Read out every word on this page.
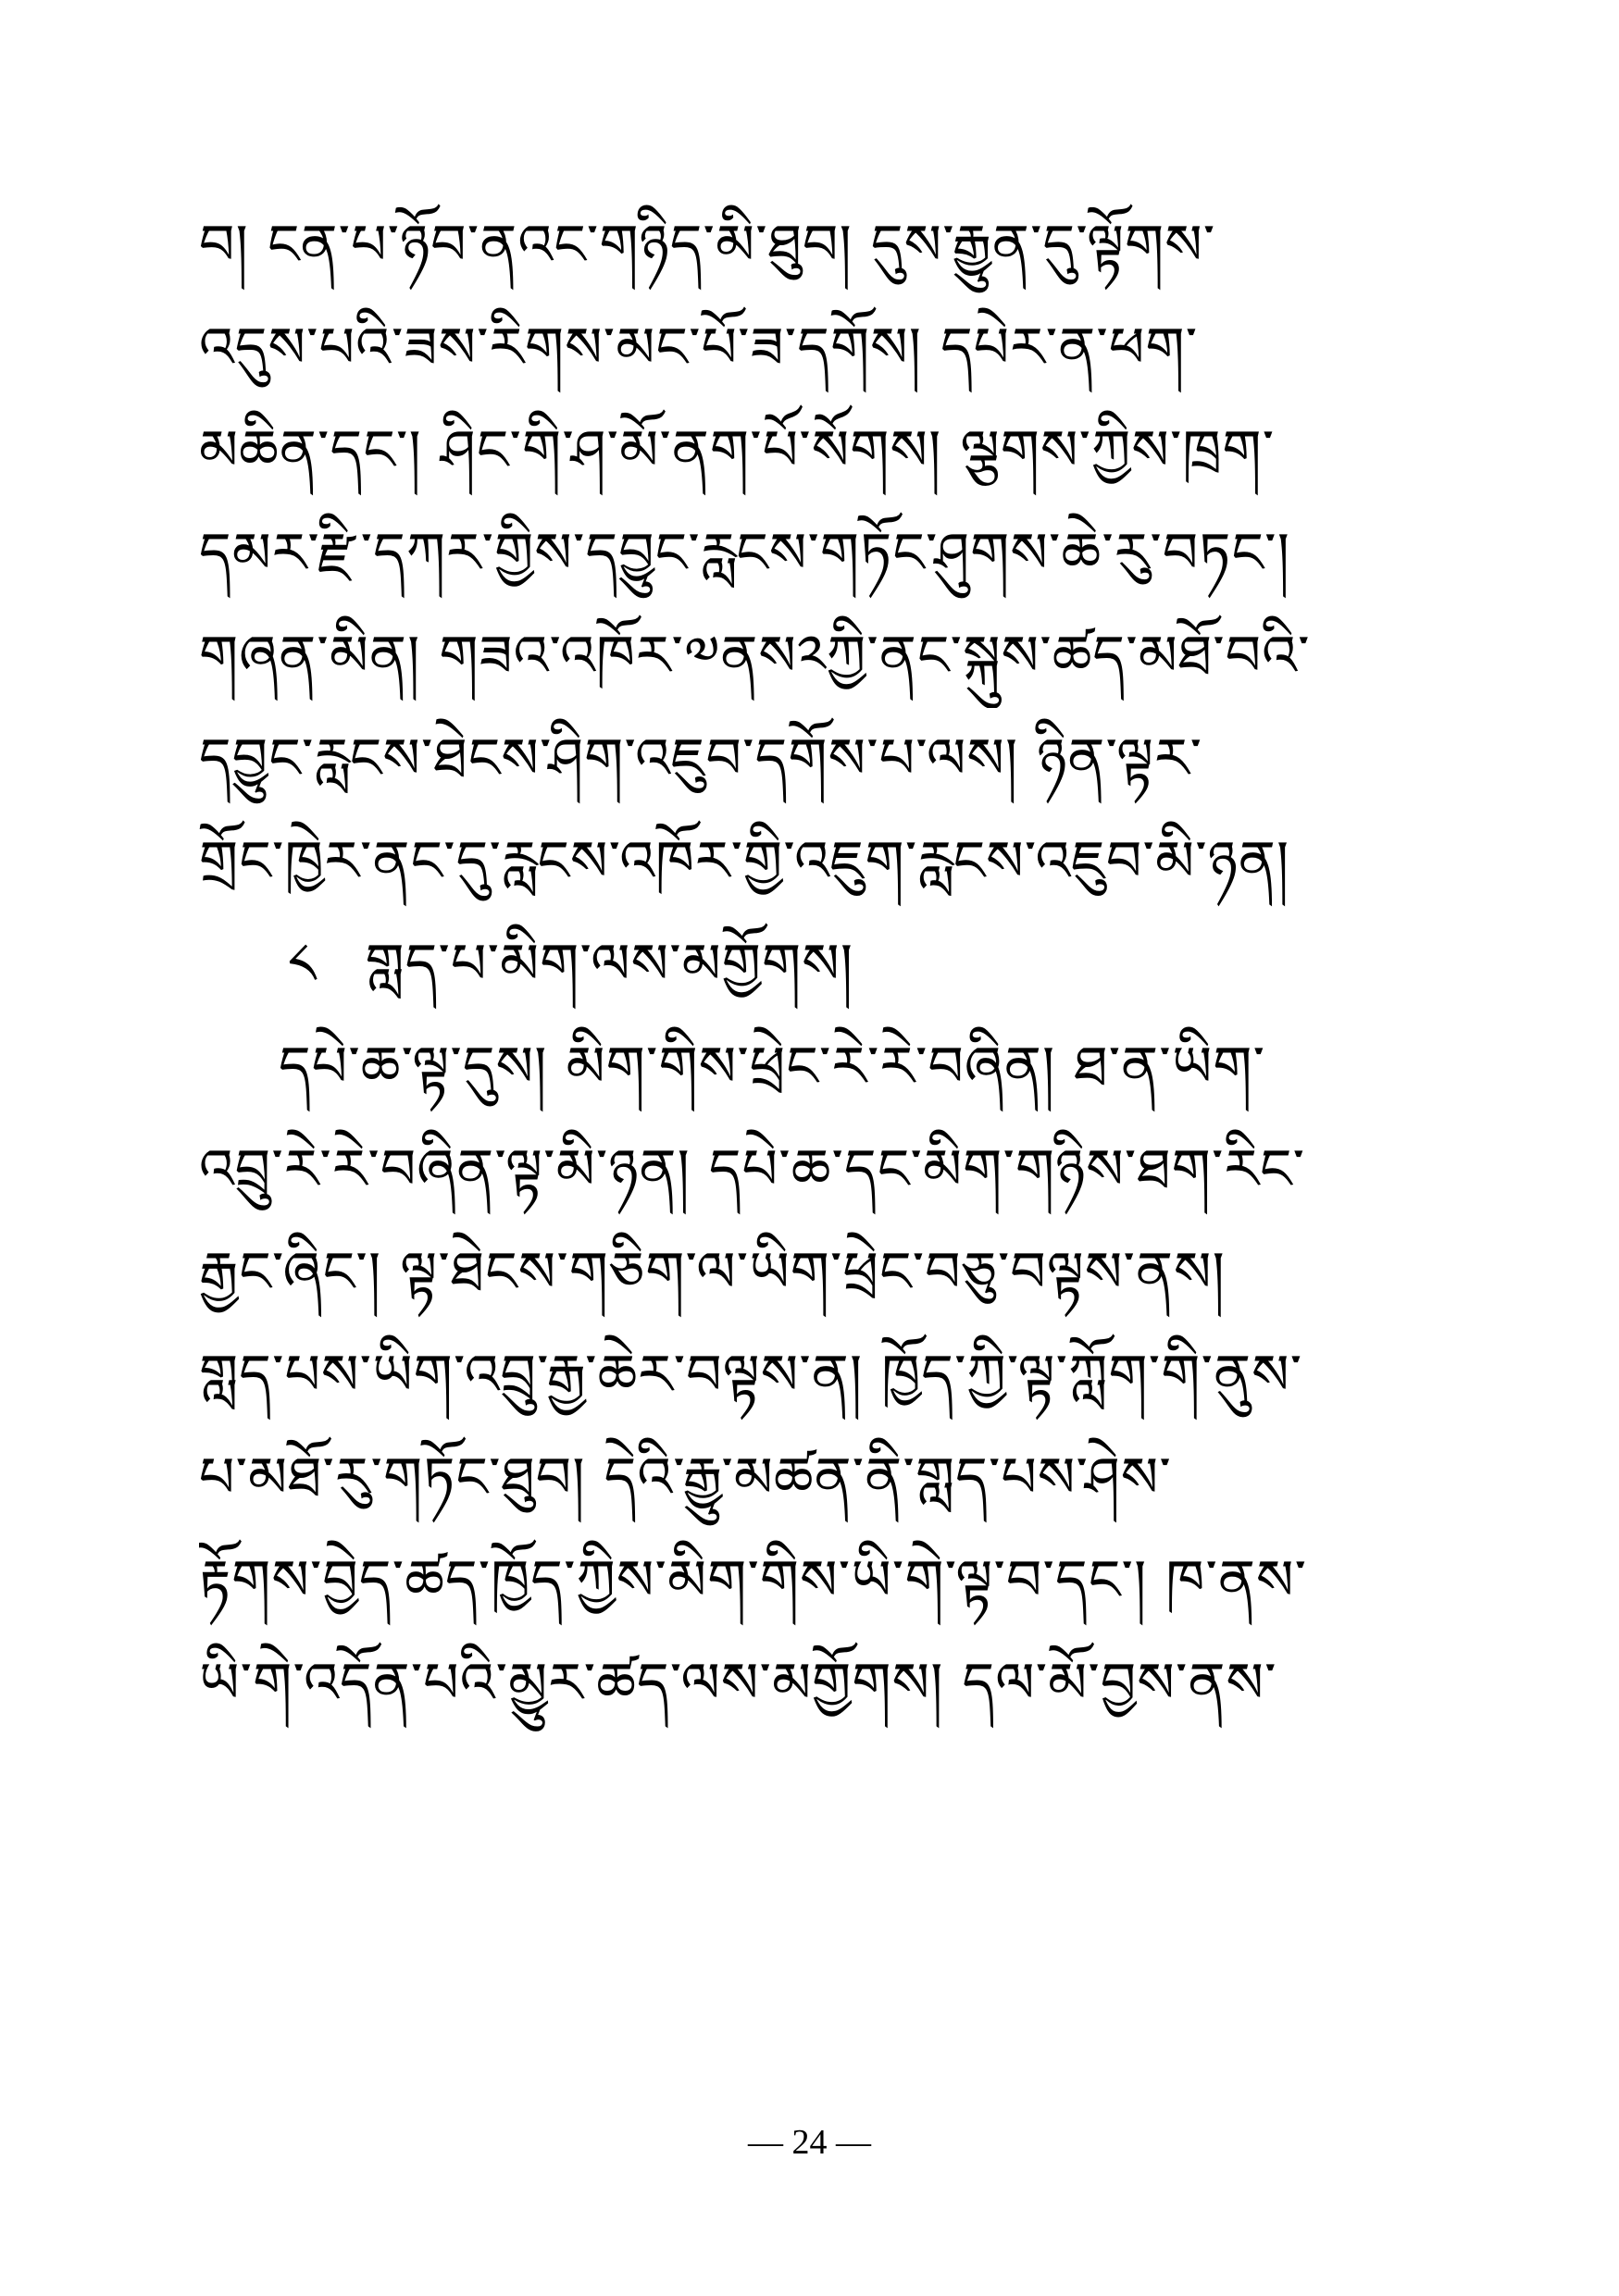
བ། ངན་པ་ཉོབ་ནའང་གཉིད་མི་ཐུབ། དུས་རྒྱུན་དུ་ལྟོགས་
འདུས་པའི་ཟས་རིགས་མང་པོ་ཟ་དགོས། དཔེར་ན་ཕག་
མཆིན་དང་། ཤིང་གི་ཤ་མོ་ནག་པོ་སོགས། ལྕགས་ཀྱིས་ཁྲག་
དམར་རྫི་དཀར་གྱིས་དབྱུང་རླངས་གཏོང་ཤུགས་ཆེ་རུ་བཏང་།
གཞན་མིན། གཟའ་འཁོར་༧ནས༢ཀྱི་ནང་སྐུས་ཚད་མཐོ་བའི་
དབྱུང་རླངས་ཐེངས་ཤིག་འཇུབ་དགོས་པ་ལས། ཉིན་ལྟར་
གྲོང་ཁྱེར་ནང་དུ་རླངས་འཁོར་གྱི་འཇུག་རླངས་འཇུབ་མི་ཉན།
༨ གླད་པ་མིག་ལས་མགྱོགས།
དཔེ་ཆ་ལྟ་དུས། མིག་གིས་ཕྲེང་རེ་རེ་བཞིན། ཐ་ན་ཡིག་
འབྲུ་རེ་རེ་བཞིན་ལྟ་མི་ཉན། དཔེ་ཆ་དང་མིག་གཉིས་ཐག་རིང་
རྒྱང་ཞིང་། ལྟ་ཐེངས་གཅིག་ལ་ཡིག་ཕྲེང་བཅུ་བལྟས་ནས།
གླད་པས་ཡིག་འབྲུ་རྒྱ་ཆེར་བལྟས་ན། ཁྱོད་ཀྱི་ལྟ་ཀློག་གི་ནུས་
པ་མཐོ་རུ་གཏོང་ཐུབ། དེའི་རྒྱུ་མཚན་ནི་གླད་པས་ཤེས་
རྟོགས་བྱེད་ཚད་ཁྱོད་ཀྱིས་མིག་གིས་ཡི་གེ་ལྟ་བ་དང་། ཁ་ནས་
ཡི་གེ་འདོན་པའི་མྱུར་ཚད་ལས་མགྱོགས། དལ་མོ་བྱས་ནས་
— 24 —
